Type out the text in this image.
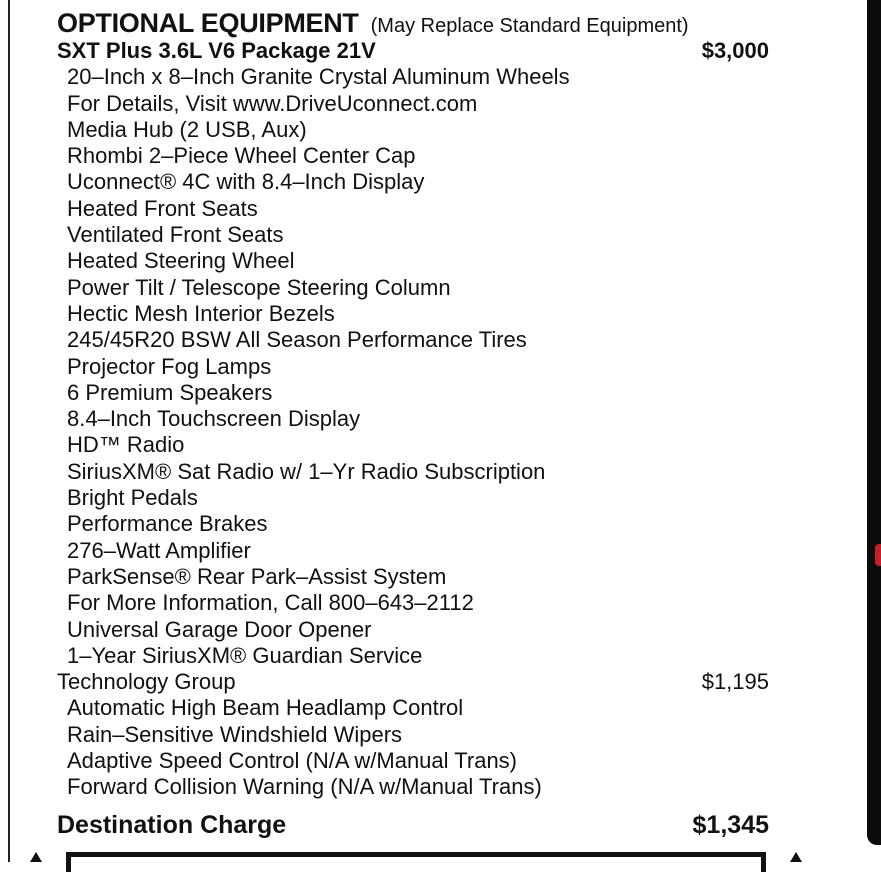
OPTIONAL EQUIPMENT (May Replace Standard Equipment)
SXT Plus 3.6L V6 Package 21V	$3,000
20–Inch x 8–Inch Granite Crystal Aluminum Wheels
For Details, Visit www.DriveUconnect.com
Media Hub (2 USB, Aux)
Rhombi 2–Piece Wheel Center Cap
Uconnect® 4C with 8.4–Inch Display
Heated Front Seats
Ventilated Front Seats
Heated Steering Wheel
Power Tilt / Telescope Steering Column
Hectic Mesh Interior Bezels
245/45R20 BSW All Season Performance Tires
Projector Fog Lamps
6 Premium Speakers
8.4–Inch Touchscreen Display
HD™ Radio
SiriusXM® Sat Radio w/ 1–Yr Radio Subscription
Bright Pedals
Performance Brakes
276–Watt Amplifier
ParkSense® Rear Park–Assist System
For More Information, Call 800–643–2112
Universal Garage Door Opener
1–Year SiriusXM® Guardian Service
Technology Group	$1,195
Automatic High Beam Headlamp Control
Rain–Sensitive Windshield Wipers
Adaptive Speed Control (N/A w/Manual Trans)
Forward Collision Warning (N/A w/Manual Trans)
Destination Charge	$1,345
